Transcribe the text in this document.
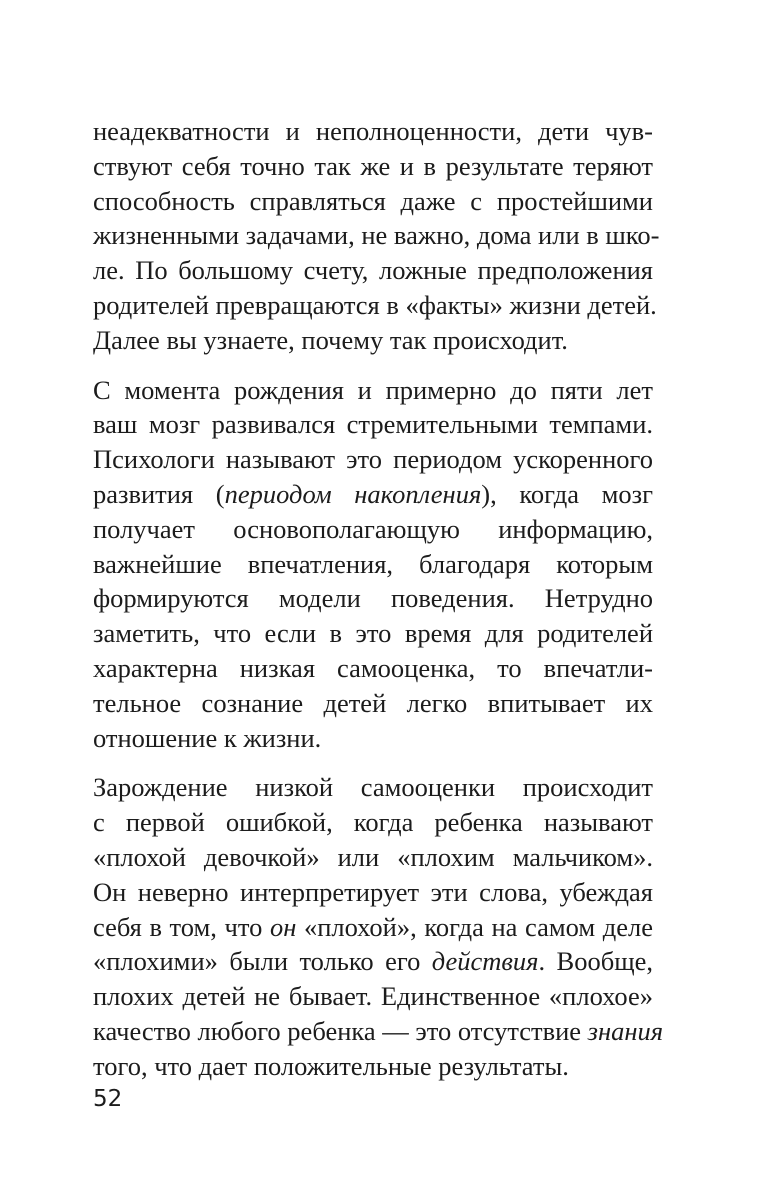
неадекватности и неполноценности, дети чув-
ствуют себя точно так же и в результате теряют
способность справляться даже с простейшими
жизненными задачами, не важно, дома или в шко-
ле. По большому счету, ложные предположения
родителей превращаются в «факты» жизни детей.
Далее вы узнаете, почему так происходит.

С момента рождения и примерно до пяти лет
ваш мозг развивался стремительными темпами.
Психологи называют это периодом ускоренного
развития (периодом накопления), когда мозг
получает основополагающую информацию,
важнейшие впечатления, благодаря которым
формируются модели поведения. Нетрудно
заметить, что если в это время для родителей
характерна низкая самооценка, то впечатли-
тельное сознание детей легко впитывает их
отношение к жизни.

Зарождение низкой самооценки происходит
с первой ошибкой, когда ребенка называют
«плохой девочкой» или «плохим мальчиком».
Он неверно интерпретирует эти слова, убеждая
себя в том, что он «плохой», когда на самом деле
«плохими» были только его действия. Вообще,
плохих детей не бывает. Единственное «плохое»
качество любого ребенка — это отсутствие знания
того, что дает положительные результаты.

52
